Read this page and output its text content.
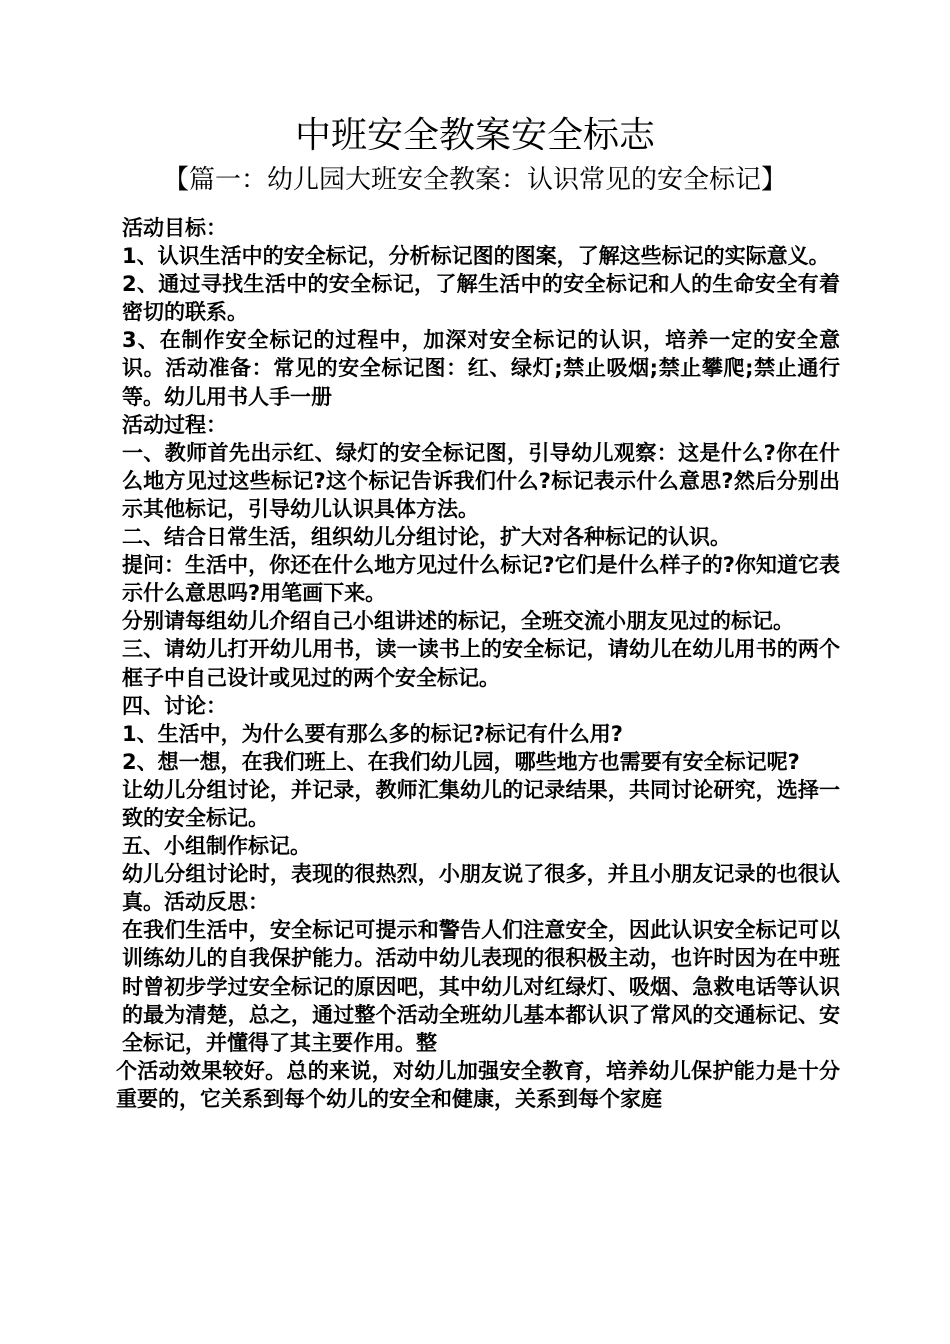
中班安全教案安全标志
【篇一：幼儿园大班安全教案：认识常见的安全标记】

活动目标：

1、认识生活中的安全标记，分析标记图的图案，了解这些标记的实际意义。

2、通过寻找生活中的安全标记，了解生活中的安全标记和人的生命安全有着密切的联系。

3、在制作安全标记的过程中，加深对安全标记的认识，培养一定的安全意识。活动准备：常见的安全标记图：红、绿灯;禁止吸烟;禁止攀爬;禁止通行等。幼儿用书人手一册

活动过程：

一、教师首先出示红、绿灯的安全标记图，引导幼儿观察：这是什么?你在什么地方见过这些标记?这个标记告诉我们什么?标记表示什么意思?然后分别出示其他标记，引导幼儿认识具体方法。

二、结合日常生活，组织幼儿分组讨论，扩大对各种标记的认识。

提问：生活中，你还在什么地方见过什么标记?它们是什么样子的?你知道它表示什么意思吗?用笔画下来。

分别请每组幼儿介绍自己小组讲述的标记，全班交流小朋友见过的标记。

三、请幼儿打开幼儿用书，读一读书上的安全标记，请幼儿在幼儿用书的两个框子中自己设计或见过的两个安全标记。

四、讨论：

1、生活中，为什么要有那么多的标记?标记有什么用?

2、想一想，在我们班上、在我们幼儿园，哪些地方也需要有安全标记呢?

让幼儿分组讨论，并记录，教师汇集幼儿的记录结果，共同讨论研究，选择一致的安全标记。

五、小组制作标记。

幼儿分组讨论时，表现的很热烈，小朋友说了很多，并且小朋友记录的也很认真。活动反思：

在我们生活中，安全标记可提示和警告人们注意安全，因此认识安全标记可以训练幼儿的自我保护能力。活动中幼儿表现的很积极主动，也许时因为在中班时曾初步学过安全标记的原因吧，其中幼儿对红绿灯、吸烟、急救电话等认识的最为清楚，总之，通过整个活动全班幼儿基本都认识了常风的交通标记、安全标记，并懂得了其主要作用。整

个活动效果较好。总的来说，对幼儿加强安全教育，培养幼儿保护能力是十分重要的，它关系到每个幼儿的安全和健康，关系到每个家庭
